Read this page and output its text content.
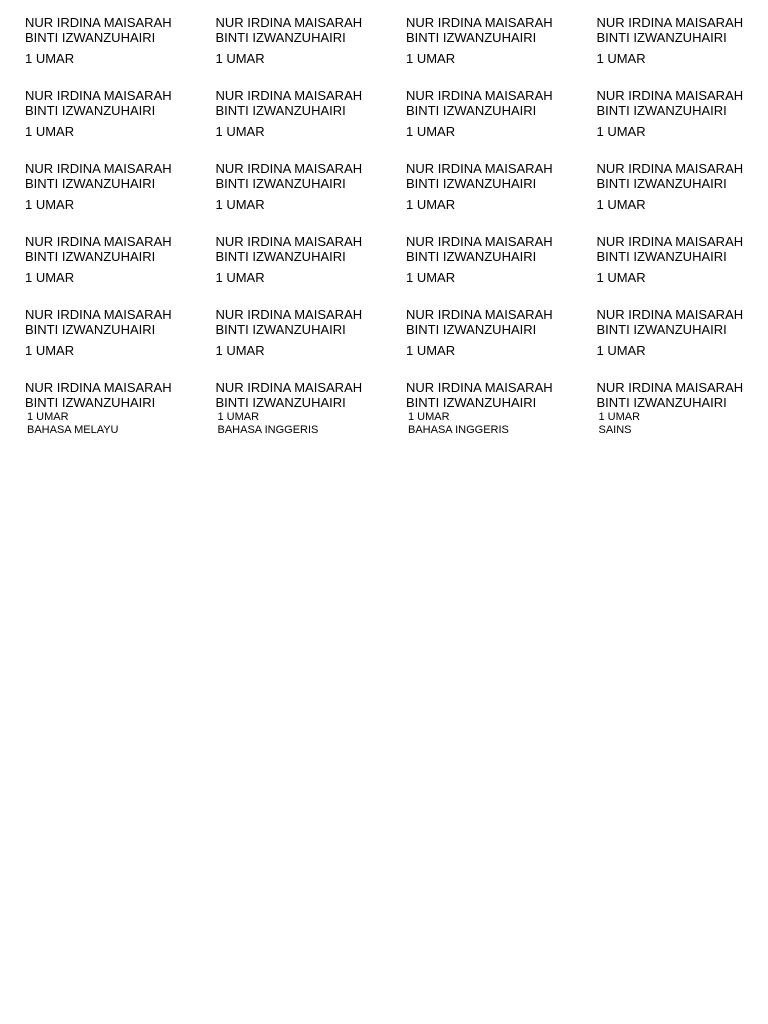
NUR IRDINA MAISARAH
BINTI IZWANZUHAIRI
1 UMAR
NUR IRDINA MAISARAH
BINTI IZWANZUHAIRI
1 UMAR
NUR IRDINA MAISARAH
BINTI IZWANZUHAIRI
1 UMAR
NUR IRDINA MAISARAH
BINTI IZWANZUHAIRI
1 UMAR
NUR IRDINA MAISARAH
BINTI IZWANZUHAIRI
1 UMAR
NUR IRDINA MAISARAH
BINTI IZWANZUHAIRI
1 UMAR
NUR IRDINA MAISARAH
BINTI IZWANZUHAIRI
1 UMAR
NUR IRDINA MAISARAH
BINTI IZWANZUHAIRI
1 UMAR
NUR IRDINA MAISARAH
BINTI IZWANZUHAIRI
1 UMAR
NUR IRDINA MAISARAH
BINTI IZWANZUHAIRI
1 UMAR
NUR IRDINA MAISARAH
BINTI IZWANZUHAIRI
1 UMAR
NUR IRDINA MAISARAH
BINTI IZWANZUHAIRI
1 UMAR
NUR IRDINA MAISARAH
BINTI IZWANZUHAIRI
1 UMAR
NUR IRDINA MAISARAH
BINTI IZWANZUHAIRI
1 UMAR
NUR IRDINA MAISARAH
BINTI IZWANZUHAIRI
1 UMAR
NUR IRDINA MAISARAH
BINTI IZWANZUHAIRI
1 UMAR
NUR IRDINA MAISARAH
BINTI IZWANZUHAIRI
1 UMAR
NUR IRDINA MAISARAH
BINTI IZWANZUHAIRI
1 UMAR
NUR IRDINA MAISARAH
BINTI IZWANZUHAIRI
1 UMAR
NUR IRDINA MAISARAH
BINTI IZWANZUHAIRI
1 UMAR
NUR IRDINA MAISARAH
BINTI IZWANZUHAIRI
1 UMAR
BAHASA MELAYU
NUR IRDINA MAISARAH
BINTI IZWANZUHAIRI
1 UMAR
BAHASA INGGERIS
NUR IRDINA MAISARAH
BINTI IZWANZUHAIRI
1 UMAR
BAHASA INGGERIS
NUR IRDINA MAISARAH
BINTI IZWANZUHAIRI
1 UMAR
SAINS
